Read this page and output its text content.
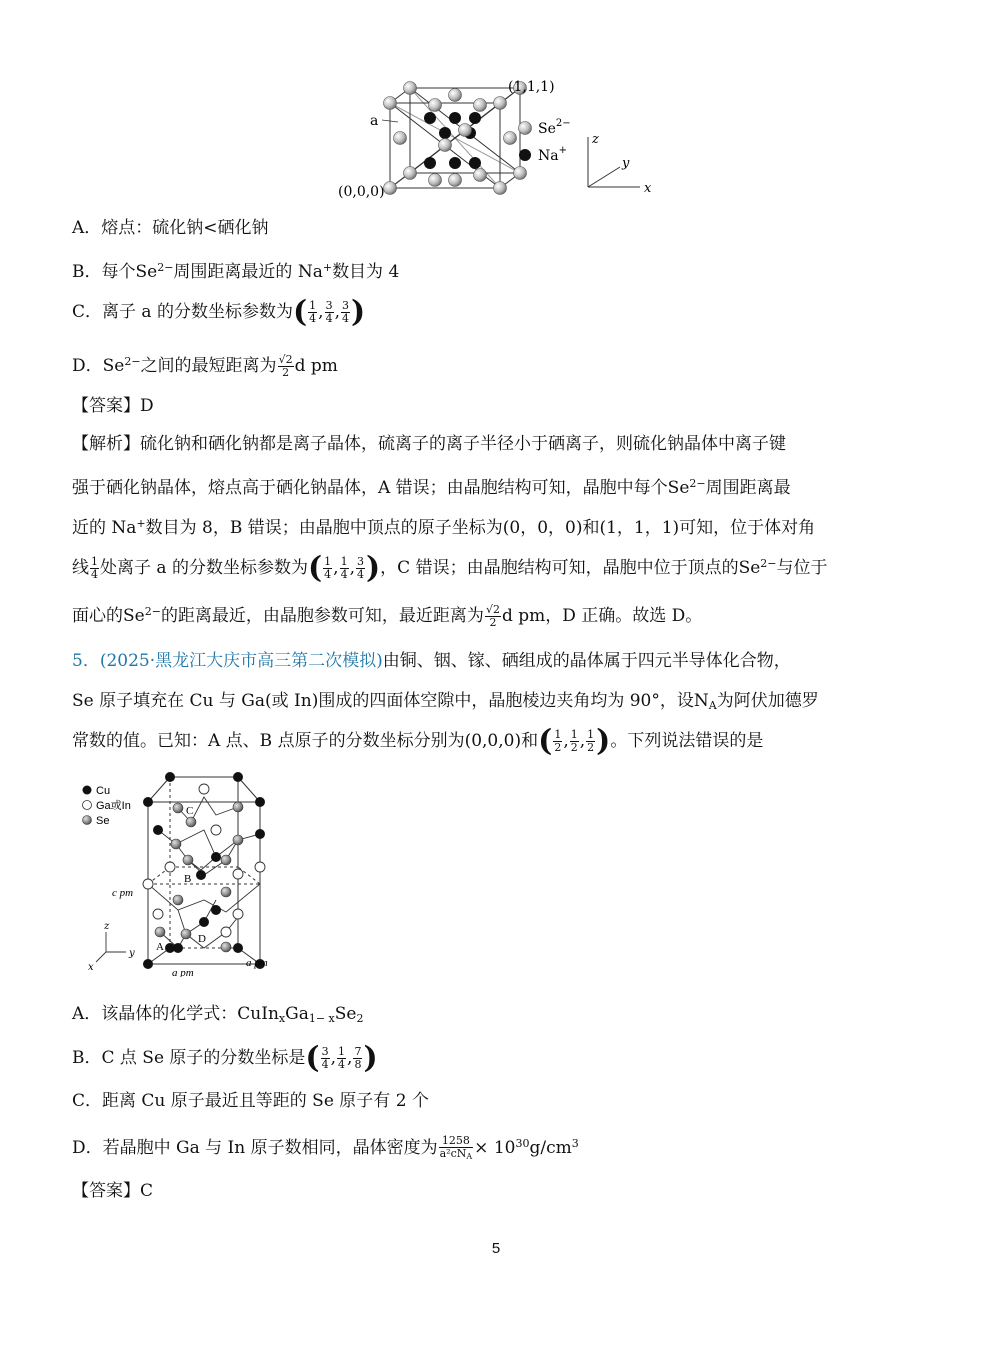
a
(1,1,1)
(0,0,0)
$Se^{2-}$
Na+
z
y
x
A．熔点：硫化钠<硒化钠
B．每个$Se^{2-}$周围距离最近的 Na+数目为 4
C．离子 a 的分数坐标参数为( $\frac{1}{4}$ , $\frac{3}{4}$ , $\frac{3}{4}$ )
D．$Se^{2-}$之间的最短距离为 $\frac{√2}{2}$ d pm
【答案】D
【解析】硫化钠和硒化钠都是离子晶体，硫离子的离子半径小于硒离子，则硫化钠晶体中离子键
强于硒化钠晶体，熔点高于硒化钠晶体，A 错误；由晶胞结构可知，晶胞中每个$Se^{2-}$周围距离最
近的 Na+数目为 8，B 错误；由晶胞中顶点的原子坐标为(0，0，0)和(1，1，1)可知，位于体对角
线 $\frac{1}{4}$ 处离子 a 的分数坐标参数为( $\frac{1}{4}$ , $\frac{1}{4}$ , $\frac{3}{4}$ )，C 错误；由晶胞结构可知，晶胞中位于顶点的$Se^{2-}$与位于
面心的$Se^{2-}$的距离最近，由晶胞参数可知，最近距离为 $\frac{√2}{2}$ d pm，D 正确。故选 D。
5．(2025·黑龙江大庆市高三第二次模拟)由铜、铟、镓、硒组成的晶体属于四元半导体化合物，
Se 原子填充在 Cu 与 Ga(或 In)围成的四面体空隙中，晶胞棱边夹角均为 90°，设$N_A$为阿伏加德罗
常数的值。已知：A 点、B 点原子的分数坐标分别为(0,0,0)和( $\frac{1}{2}$ , $\frac{1}{2}$ , $\frac{1}{2}$ )。下列说法错误的是
Cu
Ga或In
Se
C
B
D
A
c pm
a pm
a pm
z
y
x
A．该晶体的化学式：$CuIn_xGa_{1- x}Se_2$
B．C 点 Se 原子的分数坐标是( $\frac{3}{4}$ , $\frac{1}{4}$ , $\frac{7}{8}$ )
C．距离 Cu 原子最近且等距的 Se 原子有 2 个
D．若晶胞中 Ga 与 In 原子数相同，晶体密度为 $\frac{1258}{\text{a²cNA}} \times 10^{30}g/cm^3$
【答案】C
5
